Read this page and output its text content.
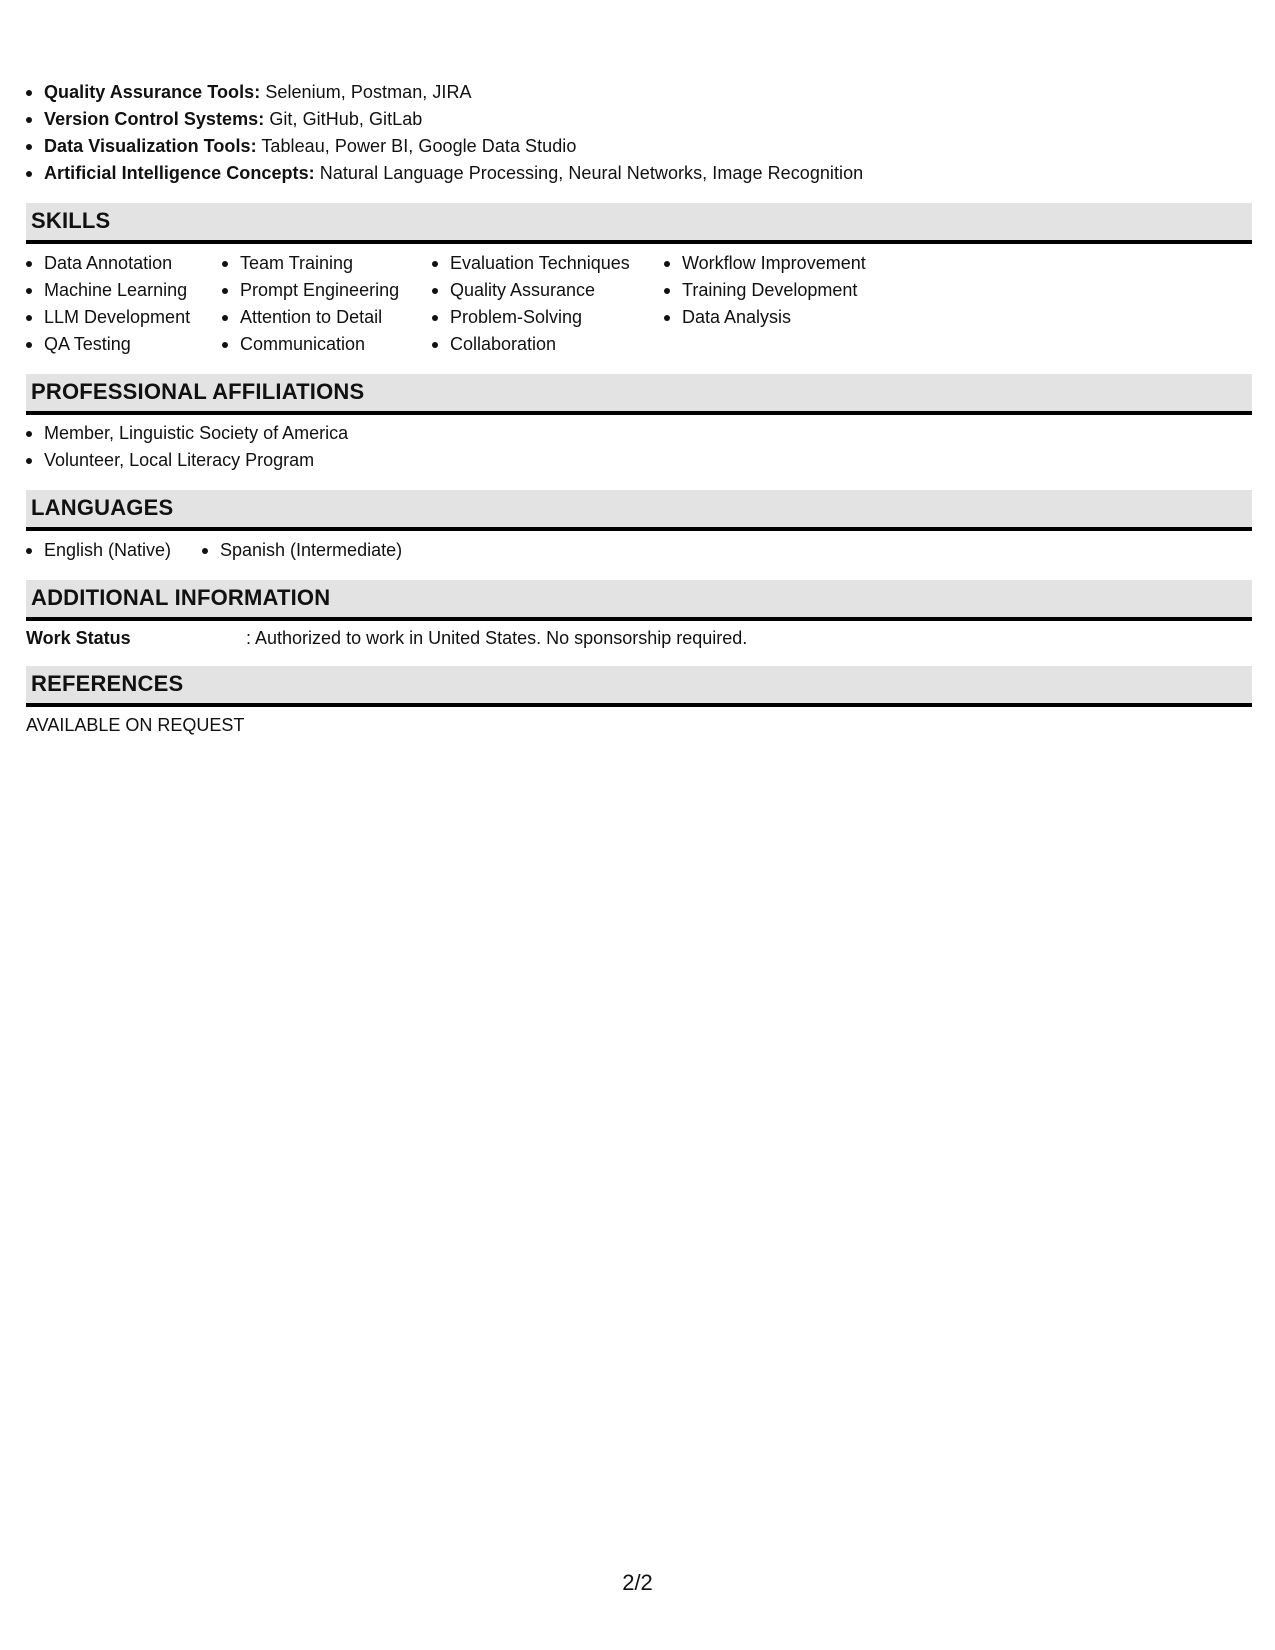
Quality Assurance Tools: Selenium, Postman, JIRA
Version Control Systems: Git, GitHub, GitLab
Data Visualization Tools: Tableau, Power BI, Google Data Studio
Artificial Intelligence Concepts: Natural Language Processing, Neural Networks, Image Recognition
SKILLS
Data Annotation
Machine Learning
LLM Development
QA Testing
Team Training
Prompt Engineering
Attention to Detail
Communication
Evaluation Techniques
Quality Assurance
Problem-Solving
Collaboration
Workflow Improvement
Training Development
Data Analysis
PROFESSIONAL AFFILIATIONS
Member, Linguistic Society of America
Volunteer, Local Literacy Program
LANGUAGES
English (Native)	Spanish (Intermediate)
ADDITIONAL INFORMATION
Work Status	: Authorized to work in United States. No sponsorship required.
REFERENCES
AVAILABLE ON REQUEST
2/2
